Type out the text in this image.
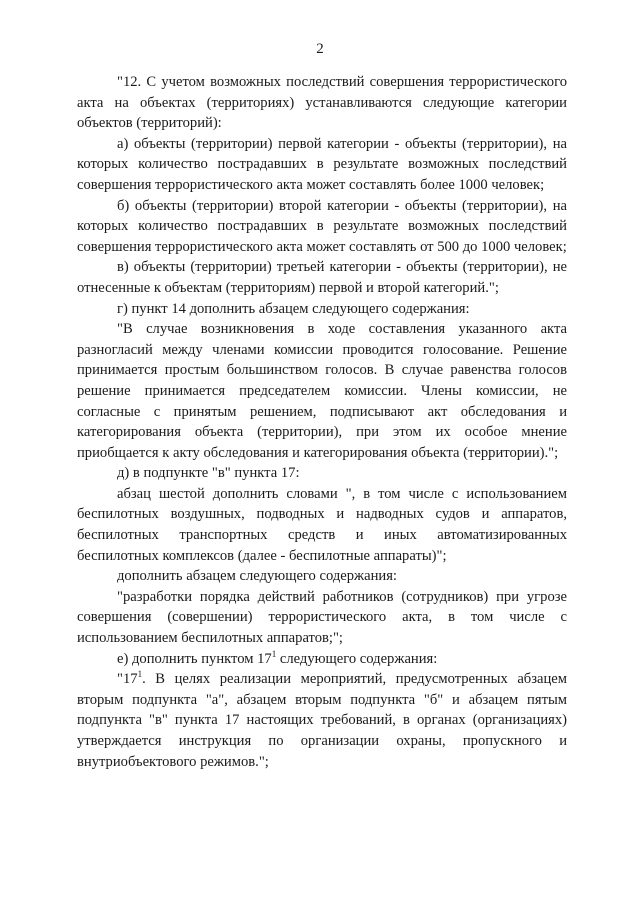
2

"12. С учетом возможных последствий совершения террористического акта на объектах (территориях) устанавливаются следующие категории объектов (территорий):

а) объекты (территории) первой категории - объекты (территории), на которых количество пострадавших в результате возможных последствий совершения террористического акта может составлять более 1000 человек;

б) объекты (территории) второй категории - объекты (территории), на которых количество пострадавших в результате возможных последствий совершения террористического акта может составлять от 500 до 1000 человек;

в) объекты (территории) третьей категории - объекты (территории), не отнесенные к объектам (территориям) первой и второй категорий.";

г) пункт 14 дополнить абзацем следующего содержания:

"В случае возникновения в ходе составления указанного акта разногласий между членами комиссии проводится голосование. Решение принимается простым большинством голосов. В случае равенства голосов решение принимается председателем комиссии. Члены комиссии, не согласные с принятым решением, подписывают акт обследования и категорирования объекта (территории), при этом их особое мнение приобщается к акту обследования и категорирования объекта (территории).";

д) в подпункте "в" пункта 17:

абзац шестой дополнить словами ", в том числе с использованием беспилотных воздушных, подводных и надводных судов и аппаратов, беспилотных транспортных средств и иных автоматизированных беспилотных комплексов (далее - беспилотные аппараты)";

дополнить абзацем следующего содержания:

"разработки порядка действий работников (сотрудников) при угрозе совершения (совершении) террористического акта, в том числе с использованием беспилотных аппаратов;";

е) дополнить пунктом $17^1$ следующего содержания:

"$17^1$. В целях реализации мероприятий, предусмотренных абзацем вторым подпункта "а", абзацем вторым подпункта "б" и абзацем пятым подпункта "в" пункта 17 настоящих требований, в органах (организациях) утверждается инструкция по организации охраны, пропускного и внутриобъектового режимов.";
